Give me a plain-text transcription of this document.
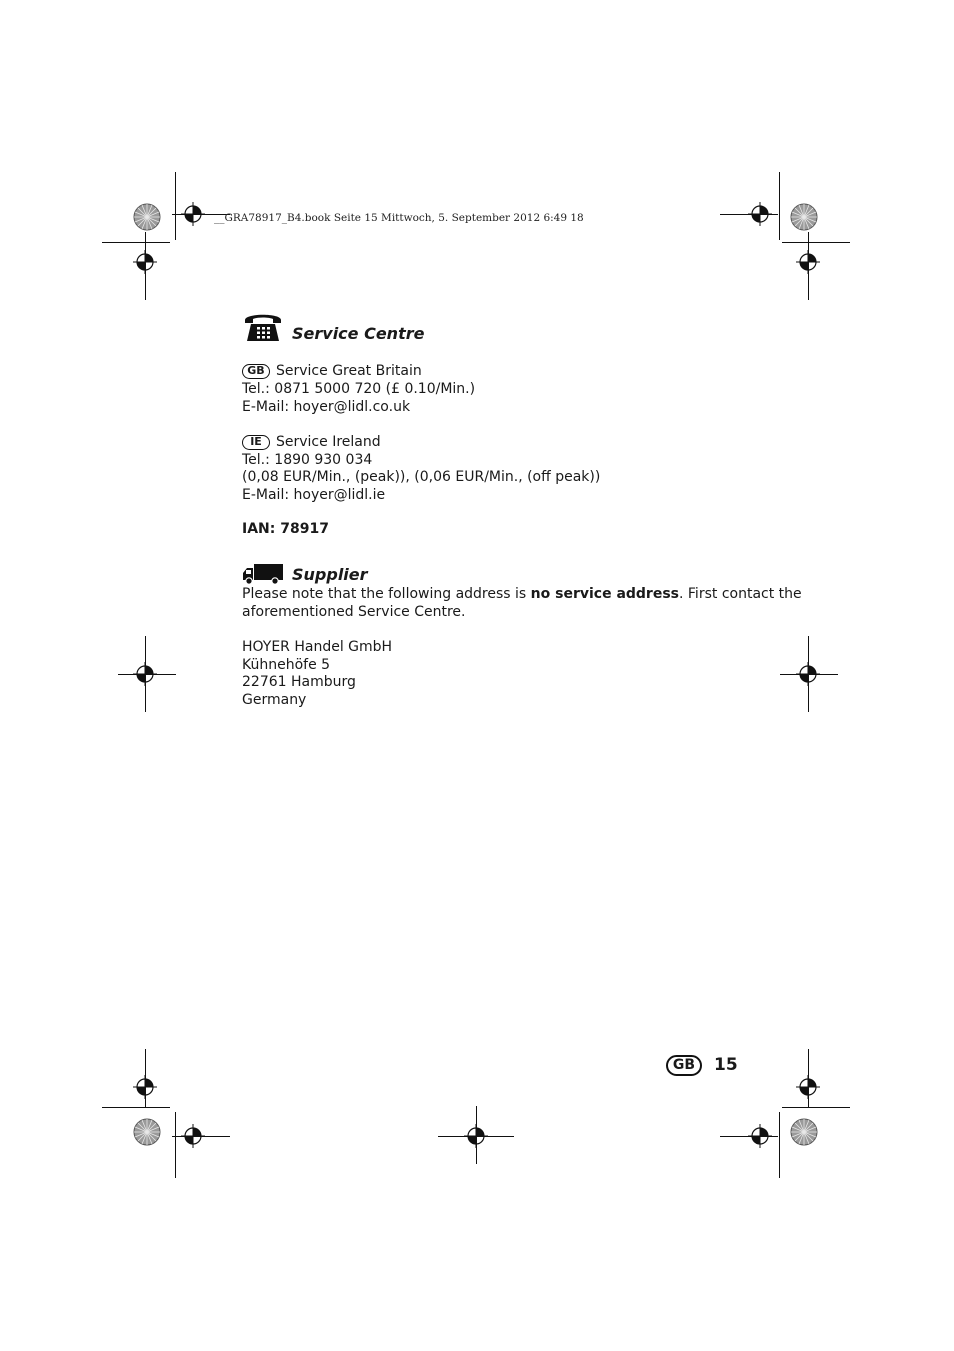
__GRA78917_B4.book Seite 15 Mittwoch, 5. September 2012 6:49 18
Service Centre
GB Service Great Britain
Tel.: 0871 5000 720 (£ 0.10/Min.)
E-Mail: hoyer@lidl.co.uk
IE Service Ireland
Tel.: 1890 930 034
(0,08 EUR/Min., (peak)), (0,06 EUR/Min., (off peak))
E-Mail: hoyer@lidl.ie
IAN: 78917
Supplier
Please note that the following address is no service address. First contact the
aforementioned Service Centre.
HOYER Handel GmbH
Kühnehöfe 5
22761 Hamburg
Germany
GB	15
